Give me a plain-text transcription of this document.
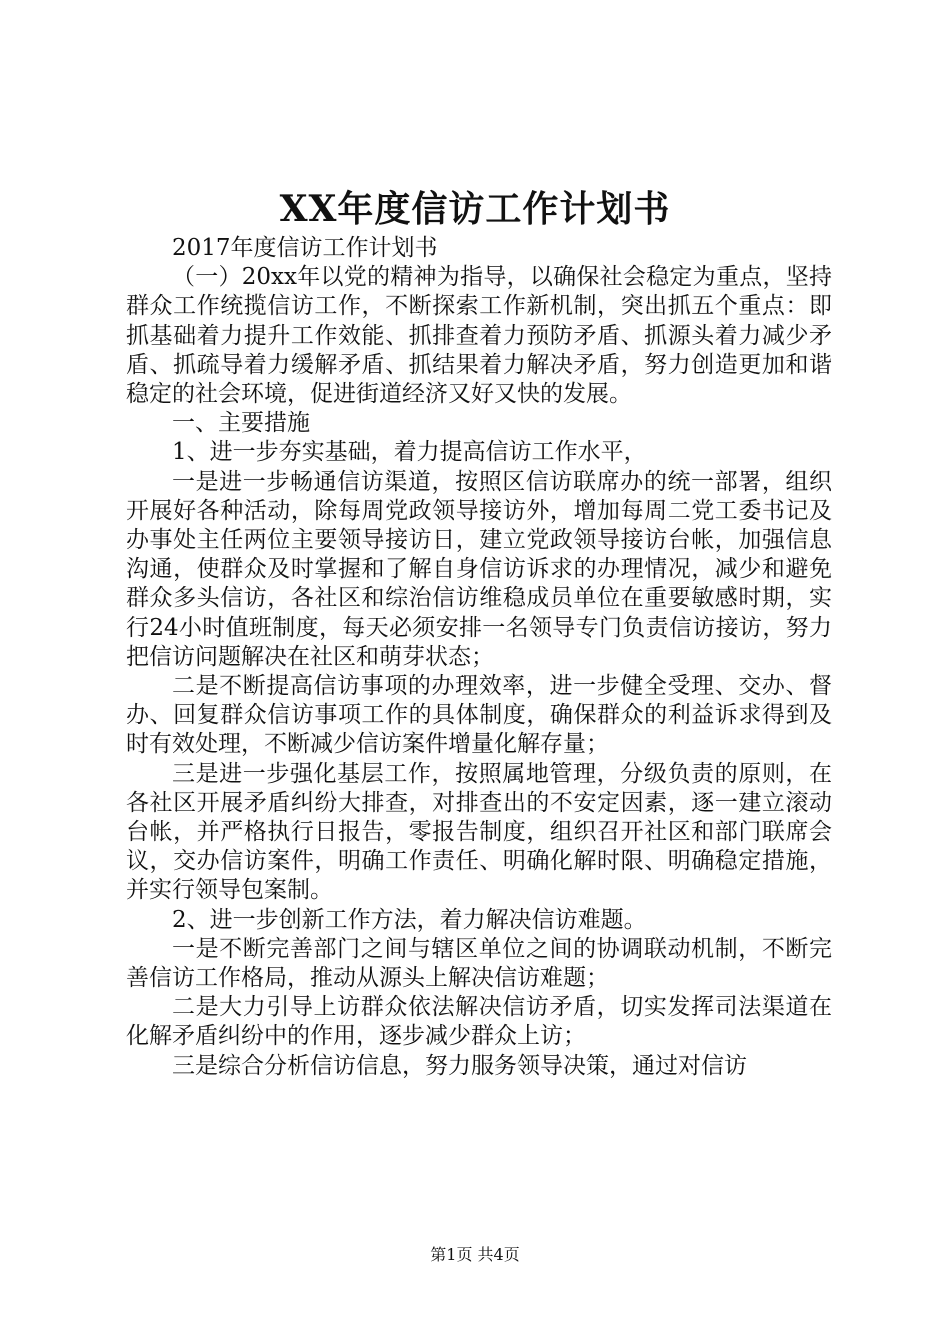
XX年度信访工作计划书

2017年度信访工作计划书

（一）20xx年以党的精神为指导，以确保社会稳定为重点，坚持群众工作统揽信访工作，不断探索工作新机制，突出抓五个重点：即抓基础着力提升工作效能、抓排查着力预防矛盾、抓源头着力减少矛盾、抓疏导着力缓解矛盾、抓结果着力解决矛盾，努力创造更加和谐稳定的社会环境，促进街道经济又好又快的发展。

一、主要措施

1、进一步夯实基础，着力提高信访工作水平，

一是进一步畅通信访渠道，按照区信访联席办的统一部署，组织开展好各种活动，除每周党政领导接访外，增加每周二党工委书记及办事处主任两位主要领导接访日，建立党政领导接访台帐，加强信息沟通，使群众及时掌握和了解自身信访诉求的办理情况，减少和避免群众多头信访，各社区和综治信访维稳成员单位在重要敏感时期，实行24小时值班制度，每天必须安排一名领导专门负责信访接访，努力把信访问题解决在社区和萌芽状态；

二是不断提高信访事项的办理效率，进一步健全受理、交办、督办、回复群众信访事项工作的具体制度，确保群众的利益诉求得到及时有效处理，不断减少信访案件增量化解存量；

三是进一步强化基层工作，按照属地管理，分级负责的原则，在各社区开展矛盾纠纷大排查，对排查出的不安定因素，逐一建立滚动台帐，并严格执行日报告，零报告制度，组织召开社区和部门联席会议，交办信访案件，明确工作责任、明确化解时限、明确稳定措施，并实行领导包案制。

2、进一步创新工作方法，着力解决信访难题。

一是不断完善部门之间与辖区单位之间的协调联动机制，不断完善信访工作格局，推动从源头上解决信访难题；

二是大力引导上访群众依法解决信访矛盾，切实发挥司法渠道在化解矛盾纠纷中的作用，逐步减少群众上访；

三是综合分析信访信息，努力服务领导决策，通过对信访

第1页 共4页
